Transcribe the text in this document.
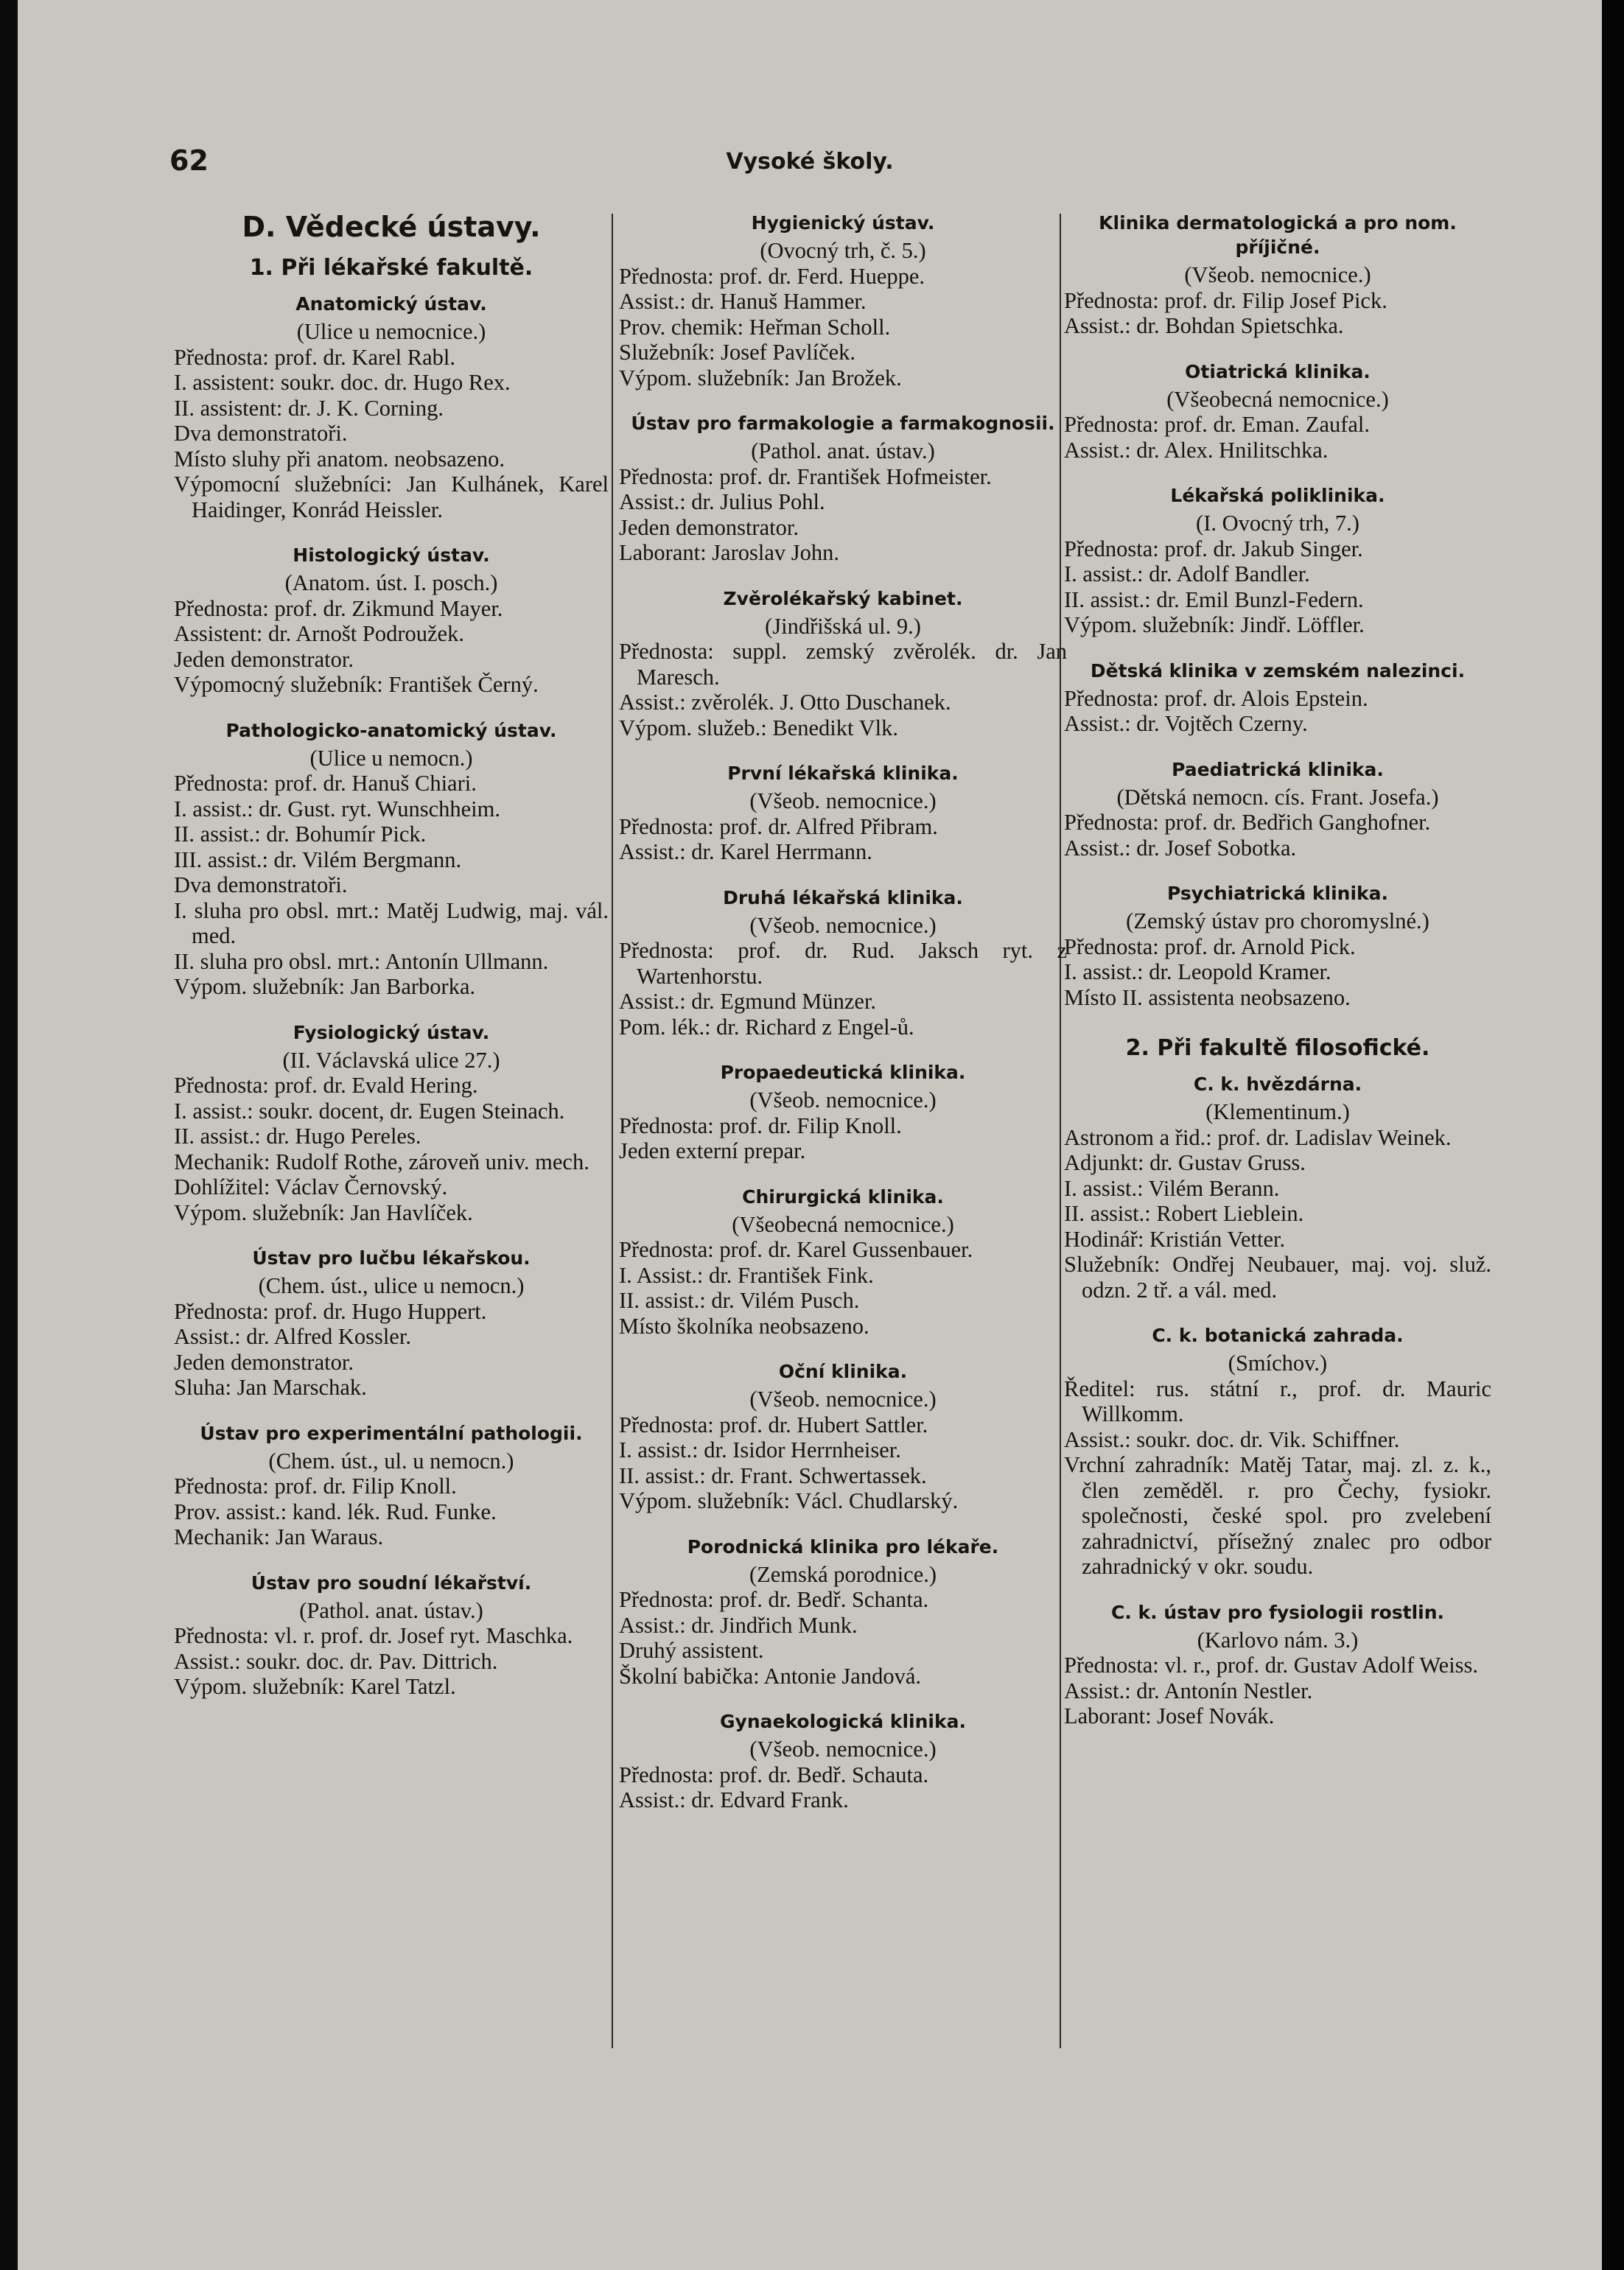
62	Vysoké školy.
D. Vědecké ústavy.
1. Při lékařské fakultě.
Anatomický ústav.
(Ulice u nemocnice.)
Přednosta: prof. dr. Karel Rabl.
I. assistent: soukr. doc. dr. Hugo Rex.
II. assistent: dr. J. K. Corning.
Dva demonstratoři.
Místo sluhy při anatom. neobsazeno.
Výpomocní služebníci: Jan Kulhánek, Karel Haidinger, Konrád Heissler.
Histologický ústav.
(Anatom. úst. I. posch.)
Přednosta: prof. dr. Zikmund Mayer.
Assistent: dr. Arnošt Podroužek.
Jeden demonstrator.
Výpomocný služebník: František Černý.
Pathologicko-anatomický ústav.
(Ulice u nemocn.)
Přednosta: prof. dr. Hanuš Chiari.
I. assist.: dr. Gust. ryt. Wunschheim.
II. assist.: dr. Bohumír Pick.
III. assist.: dr. Vilém Bergmann.
Dva demonstratoři.
I. sluha pro obsl. mrt.: Matěj Ludwig, maj. vál. med.
II. sluha pro obsl. mrt.: Antonín Ullmann.
Výpom. služebník: Jan Barborka.
Fysiologický ústav.
(II. Václavská ulice 27.)
Přednosta: prof. dr. Evald Hering.
I. assist.: soukr. docent, dr. Eugen Steinach.
II. assist.: dr. Hugo Pereles.
Mechanik: Rudolf Rothe, zároveň univ. mech.
Dohlížitel: Václav Černovský.
Výpom. služebník: Jan Havlíček.
Ústav pro lučbu lékařskou.
(Chem. úst., ulice u nemocn.)
Přednosta: prof. dr. Hugo Huppert.
Assist.: dr. Alfred Kossler.
Jeden demonstrator.
Sluha: Jan Marschak.
Ústav pro experimentální pathologii.
(Chem. úst., ul. u nemocn.)
Přednosta: prof. dr. Filip Knoll.
Prov. assist.: kand. lék. Rud. Funke.
Mechanik: Jan Waraus.
Ústav pro soudní lékařství.
(Pathol. anat. ústav.)
Přednosta: vl. r. prof. dr. Josef ryt. Maschka.
Assist.: soukr. doc. dr. Pav. Dittrich.
Výpom. služebník: Karel Tatzl.
Hygienický ústav.
(Ovocný trh, č. 5.)
Přednosta: prof. dr. Ferd. Hueppe.
Assist.: dr. Hanuš Hammer.
Prov. chemik: Heřman Scholl.
Služebník: Josef Pavlíček.
Výpom. služebník: Jan Brožek.
Ústav pro farmakologie a farmakognosii.
(Pathol. anat. ústav.)
Přednosta: prof. dr. František Hofmeister.
Assist.: dr. Julius Pohl.
Jeden demonstrator.
Laborant: Jaroslav John.
Zvěrolékařský kabinet.
(Jindřišská ul. 9.)
Přednosta: suppl. zemský zvěrolék. dr. Jan Maresch.
Assist.: zvěrolék. J. Otto Duschanek.
Výpom. služeb.: Benedikt Vlk.
První lékařská klinika.
(Všeob. nemocnice.)
Přednosta: prof. dr. Alfred Přibram.
Assist.: dr. Karel Herrmann.
Druhá lékařská klinika.
(Všeob. nemocnice.)
Přednosta: prof. dr. Rud. Jaksch ryt. z Wartenhorstu.
Assist.: dr. Egmund Münzer.
Pom. lék.: dr. Richard z Engel-ů.
Propaedeutická klinika.
(Všeob. nemocnice.)
Přednosta: prof. dr. Filip Knoll.
Jeden externí prepar.
Chirurgická klinika.
(Všeobecná nemocnice.)
Přednosta: prof. dr. Karel Gussenbauer.
I. Assist.: dr. František Fink.
II. assist.: dr. Vilém Pusch.
Místo školníka neobsazeno.
Oční klinika.
(Všeob. nemocnice.)
Přednosta: prof. dr. Hubert Sattler.
I. assist.: dr. Isidor Herrnheiser.
II. assist.: dr. Frant. Schwertassek.
Výpom. služebník: Václ. Chudlarský.
Porodnická klinika pro lékaře.
(Zemská porodnice.)
Přednosta: prof. dr. Bedř. Schanta.
Assist.: dr. Jindřich Munk.
Druhý assistent.
Školní babička: Antonie Jandová.
Gynaekologická klinika.
(Všeob. nemocnice.)
Přednosta: prof. dr. Bedř. Schauta.
Assist.: dr. Edvard Frank.
Klinika dermatologická a pro nom. příjičné.
(Všeob. nemocnice.)
Přednosta: prof. dr. Filip Josef Pick.
Assist.: dr. Bohdan Spietschka.
Otiatrická klinika.
(Všeobecná nemocnice.)
Přednosta: prof. dr. Eman. Zaufal.
Assist.: dr. Alex. Hnilitschka.
Lékařská poliklinika.
(I. Ovocný trh, 7.)
Přednosta: prof. dr. Jakub Singer.
I. assist.: dr. Adolf Bandler.
II. assist.: dr. Emil Bunzl-Federn.
Výpom. služebník: Jindř. Löffler.
Dětská klinika v zemském nalezinci.
Přednosta: prof. dr. Alois Epstein.
Assist.: dr. Vojtěch Czerny.
Paediatrická klinika.
(Dětská nemocn. cís. Frant. Josefa.)
Přednosta: prof. dr. Bedřich Ganghofner.
Assist.: dr. Josef Sobotka.
Psychiatrická klinika.
(Zemský ústav pro choromyslné.)
Přednosta: prof. dr. Arnold Pick.
I. assist.: dr. Leopold Kramer.
Místo II. assistenta neobsazeno.
2. Při fakultě filosofické.
C. k. hvězdárna.
(Klementinum.)
Astronom a řid.: prof. dr. Ladislav Weinek.
Adjunkt: dr. Gustav Gruss.
I. assist.: Vilém Berann.
II. assist.: Robert Lieblein.
Hodinář: Kristián Vetter.
Služebník: Ondřej Neubauer, maj. voj. služ. odzn. 2 tř. a vál. med.
C. k. botanická zahrada.
(Smíchov.)
Ředitel: rus. státní r., prof. dr. Mauric Willkomm.
Assist.: soukr. doc. dr. Vik. Schiffner.
Vrchní zahradník: Matěj Tatar, maj. zl. z. k., člen zeměděl. r. pro Čechy, fysiokr. společnosti, české spol. pro zvelebení zahradnictví, přísežný znalec pro odbor zahradnický v okr. soudu.
C. k. ústav pro fysiologii rostlin.
(Karlovo nám. 3.)
Přednosta: vl. r., prof. dr. Gustav Adolf Weiss.
Assist.: dr. Antonín Nestler.
Laborant: Josef Novák.
